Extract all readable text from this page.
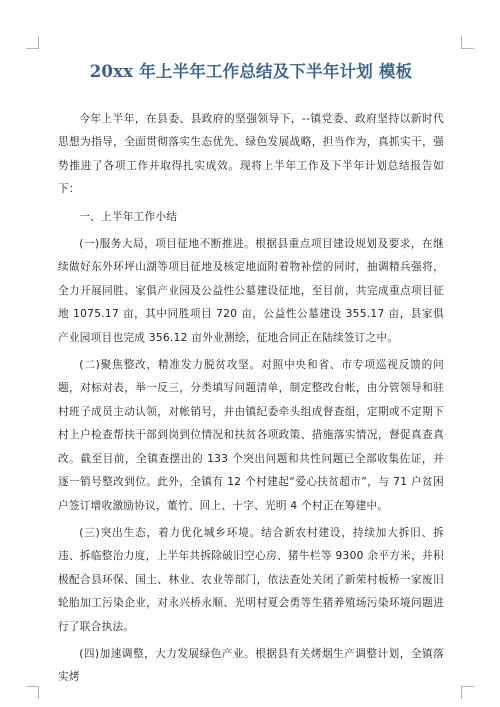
20xx 年上半年工作总结及下半年计划 模板

今年上半年，在县委、县政府的坚强领导下，--镇党委、政府坚持以新时代思想为指导，全面贯彻落实生态优先、绿色发展战略，担当作为，真抓实干，强势推进了各项工作并取得扎实成效。现将上半年工作及下半年计划总结报告如下：

一、上半年工作小结

(一)服务大局，项目征地不断推进。根据县重点项目建设规划及要求，在继续做好东外环坪山湖等项目征地及核定地面附着物补偿的同时，抽调精兵强将，全力开展同胜、家俱产业园及公益性公墓建设征地，至目前，共完成重点项目征地 1075.17 亩，其中同胜项目 720 亩，公益性公墓建设 355.17 亩，县家俱产业园项目也完成 356.12 亩外业测绘，征地合同正在陆续签订之中。

(二)聚焦整改，精准发力脱贫攻坚。对照中央和省、市专项巡视反馈的问题，对标对表，举一反三，分类填写问题清单，制定整改台帐，由分管领导和驻村班子成员主动认领，对帐销号，并由镇纪委牵头组成督查组，定期或不定期下村上户检查帮扶干部到岗到位情况和扶贫各项政策、措施落实情况，督促真查真改。截至目前，全镇查摆出的 133 个突出问题和共性问题已全部收集佐证，并逐一销号整改到位。此外，全镇有 12 个村建起“爱心扶贫超市”，与 71 户贫困户签订增收激励协议，董竹、回上、十字、光明 4 个村正在筹建中。

(三)突出生态，着力优化城乡环境。结合新农村建设，持续加大拆旧、拆违、拆临整治力度，上半年共拆除破旧空心房、猪牛栏等 9300 余平方米，并积极配合县环保、国土、林业、农业等部门，依法查处关闭了新荣村板桥一家废旧轮胎加工污染企业，对永兴桥永顺、光明村夏会勇等生猪养殖场污染环境问题进行了联合执法。

(四)加速调整，大力发展绿色产业。根据县有关烤烟生产调整计划，全镇落实烤
